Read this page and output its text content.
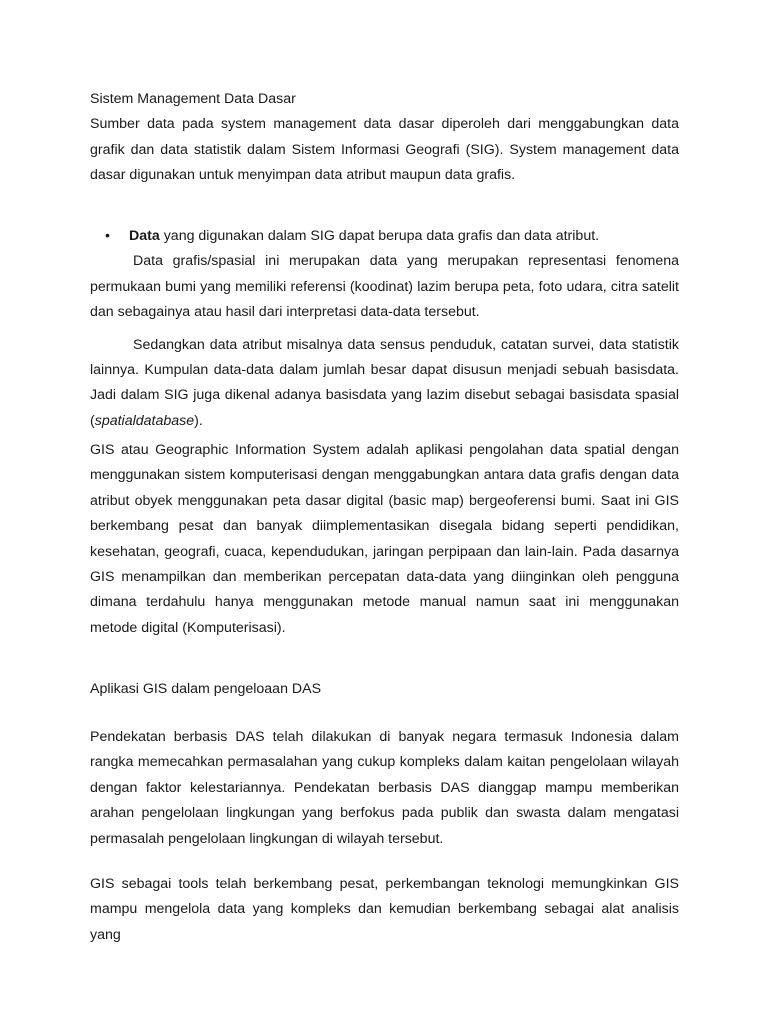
Sistem Management Data Dasar

Sumber data pada system management data dasar diperoleh dari menggabungkan data grafik dan data statistik dalam Sistem Informasi Geografi (SIG). System management data dasar digunakan untuk menyimpan data atribut maupun data grafis.

• Data yang digunakan dalam SIG dapat berupa data grafis dan data atribut.

Data grafis/spasial ini merupakan data yang merupakan representasi fenomena permukaan bumi yang memiliki referensi (koodinat) lazim berupa peta, foto udara, citra satelit dan sebagainya atau hasil dari interpretasi data-data tersebut.

Sedangkan data atribut misalnya data sensus penduduk, catatan survei, data statistik lainnya. Kumpulan data-data dalam jumlah besar dapat disusun menjadi sebuah basisdata. Jadi dalam SIG juga dikenal adanya basisdata yang lazim disebut sebagai basisdata spasial (spatialdatabase).

GIS atau Geographic Information System adalah aplikasi pengolahan data spatial dengan menggunakan sistem komputerisasi dengan menggabungkan antara data grafis dengan data atribut obyek menggunakan peta dasar digital (basic map) bergeoferensi bumi. Saat ini GIS berkembang pesat dan banyak diimplementasikan disegala bidang seperti pendidikan, kesehatan, geografi, cuaca, kependudukan, jaringan perpipaan dan lain-lain. Pada dasarnya GIS menampilkan dan memberikan percepatan data-data yang diinginkan oleh pengguna dimana terdahulu hanya menggunakan metode manual namun saat ini menggunakan metode digital (Komputerisasi).

Aplikasi GIS dalam pengeloaan DAS

Pendekatan berbasis DAS telah dilakukan di banyak negara termasuk Indonesia dalam rangka memecahkan permasalahan yang cukup kompleks dalam kaitan pengelolaan wilayah dengan faktor kelestariannya. Pendekatan berbasis DAS dianggap mampu memberikan arahan pengelolaan lingkungan yang berfokus pada publik dan swasta dalam mengatasi permasalah pengelolaan lingkungan di wilayah tersebut.

GIS sebagai tools telah berkembang pesat, perkembangan teknologi memungkinkan GIS mampu mengelola data yang kompleks dan kemudian berkembang sebagai alat analisis yang
